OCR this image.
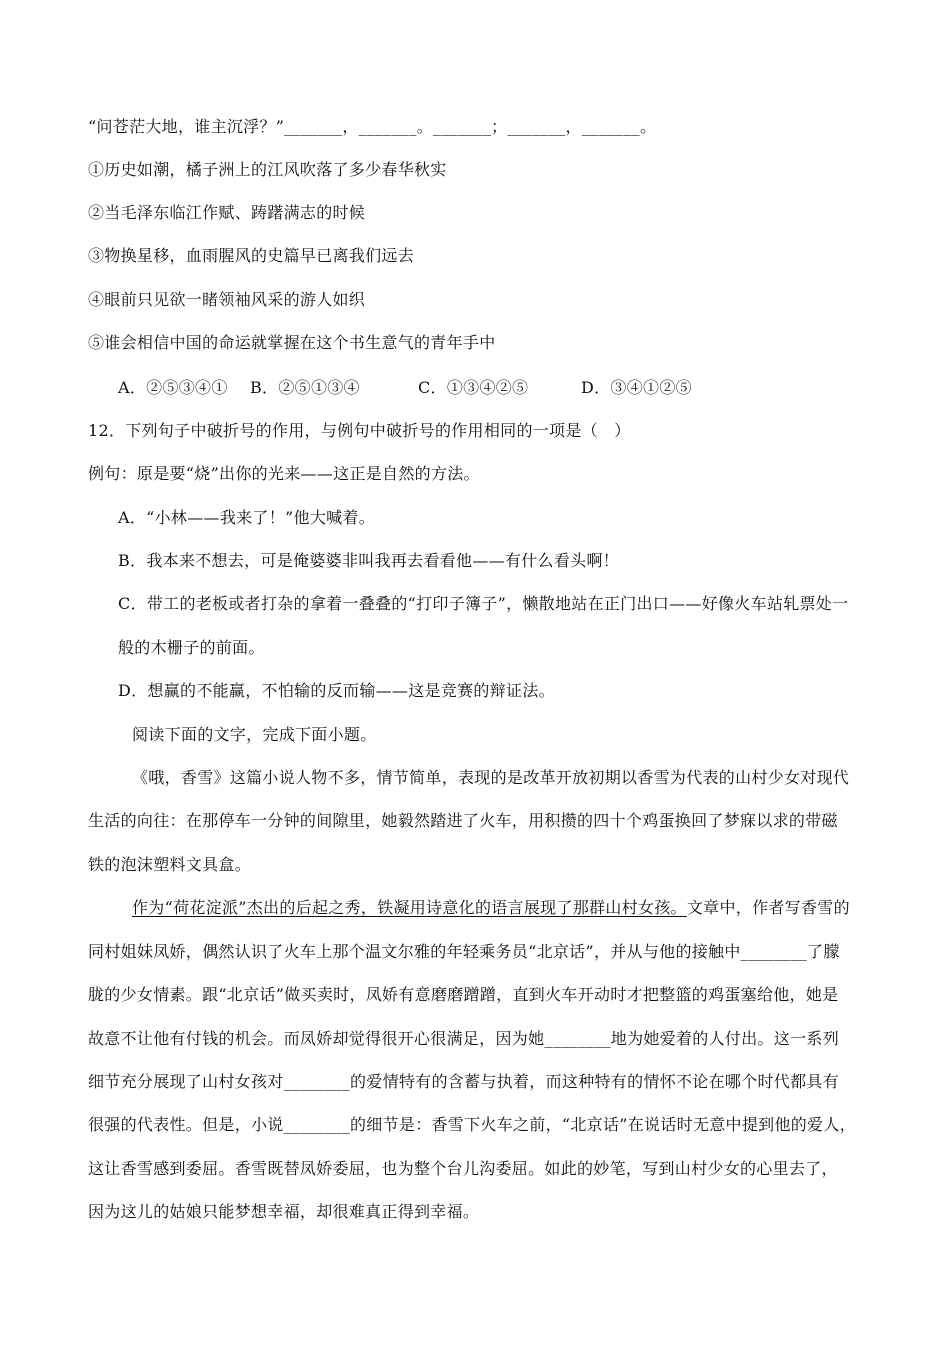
“问苍茫大地，谁主沉浮？”_______，_______。_______；_______，_______。
①历史如潮，橘子洲上的江风吹落了多少春华秋实
②当毛泽东临江作赋、踌躇满志的时候
③物换星移，血雨腥风的史篇早已离我们远去
④眼前只见欲一睹领袖风采的游人如织
⑤谁会相信中国的命运就掌握在这个书生意气的青年手中
A．②⑤③④① B．②⑤①③④	C．①③④②⑤	D．③④①②⑤
12．下列句子中破折号的作用，与例句中破折号的作用相同的一项是（　）
例句：原是要“烧”出你的光来——这正是自然的方法。
A．“小林——我来了！”他大喊着。
B．我本来不想去，可是俺婆婆非叫我再去看看他——有什么看头啊！
C．带工的老板或者打杂的拿着一叠叠的“打印子簿子”，懒散地站在正门出口——好像火车站轧票处一
般的木栅子的前面。
D．想赢的不能赢，不怕输的反而输——这是竞赛的辩证法。
阅读下面的文字，完成下面小题。
《哦，香雪》这篇小说人物不多，情节简单，表现的是改革开放初期以香雪为代表的山村少女对现代
生活的向往：在那停车一分钟的间隙里，她毅然踏进了火车，用积攒的四十个鸡蛋换回了梦寐以求的带磁
铁的泡沫塑料文具盒。
作为“荷花淀派”杰出的后起之秀，铁凝用诗意化的语言展现了那群山村女孩。文章中，作者写香雪的
同村姐妹凤娇，偶然认识了火车上那个温文尔雅的年轻乘务员“北京话”，并从与他的接触中________了朦
胧的少女情素。跟“北京话”做买卖时，凤娇有意磨磨蹭蹭，直到火车开动时才把整篮的鸡蛋塞给他，她是
故意不让他有付钱的机会。而凤娇却觉得很开心很满足，因为她________地为她爱着的人付出。这一系列
细节充分展现了山村女孩对________的爱情特有的含蓄与执着，而这种特有的情怀不论在哪个时代都具有
很强的代表性。但是，小说________的细节是：香雪下火车之前，“北京话”在说话时无意中提到他的爱人，
这让香雪感到委屈。香雪既替凤娇委屈，也为整个台儿沟委屈。如此的妙笔，写到山村少女的心里去了，
因为这儿的姑娘只能梦想幸福，却很难真正得到幸福。
